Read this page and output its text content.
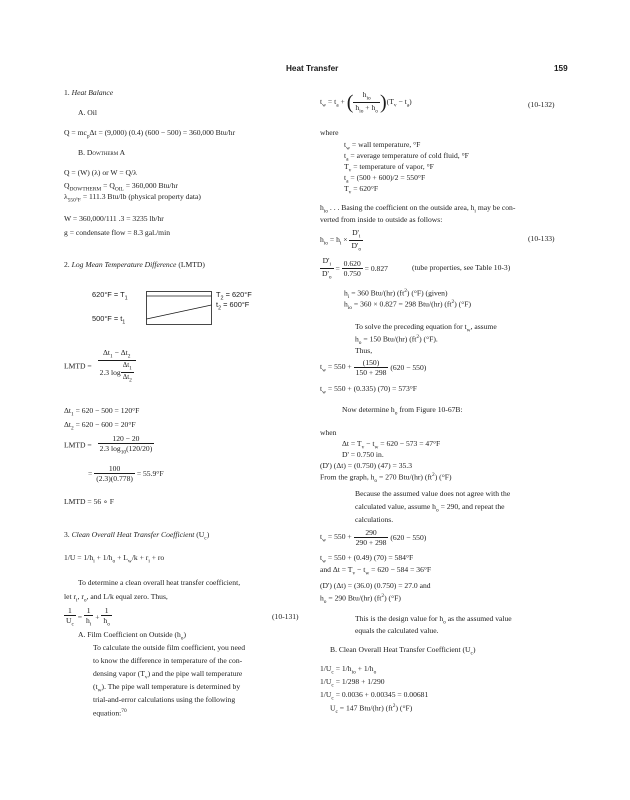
Heat Transfer	159
1. Heat Balance
A. Oil
$Q = mc_p\Delta t = (9,000)$ (0.4) (600 − 500) = 360,000 Btu/hr
B. Dowtherm A
Q = (W) (λ) or W = Q/λ
$Q_{DOWTHERM} = Q_{OIL} = 360,000$ Btu/hr
$\lambda_{550^\circ F} = 111.3$ Btu/lb (physical property data)
W = 360,000/111 .3 = 3235 lb/hr
g = condensate flow = 8.3 gal./min
2. Log Mean Temperature Difference (LMTD)
$620^\circ F = T_1$
$500^\circ F = t_1$
$T_2 = 620^\circ F$
$t_2 = 600^\circ F$
LMTD = $\frac{\Delta t_1 - \Delta t_2}{2.3 \log \frac{\Delta t_1}{\Delta t_2}}$
$\Delta t_1 = 620 - 500 = 120^\circ F$
$\Delta t_2 = 620 - 600 = 20^\circ F$
LMTD = $\frac{120 - 20}{2.3 \log_{10}(120/20)}$
= $\frac{100}{(2.3)(0.778)} = 55.9^\circ F$
LMTD = 56 ∘ F
3. Clean Overall Heat Transfer Coefficient $(U_c)$
$1/U = 1/h_i + 1/h_o + L_w/k + r_i$ + ro
To determine a clean overall heat transfer coefficient,
let $r_i$, $r_o$, and L/k equal zero. Thus,
$\frac{1}{U_c} = \frac{1}{h_i} + \frac{1}{h_o}$	(10-131)
A. Film Coefficient on Outside $(h_o)$
To calculate the outside film coefficient, you need
to know the difference in temperature of the con-
densing vapor $(T_v)$ and the pipe wall temperature
$(t_w)$. The pipe wall temperature is determined by
trial-and-error calculations using the following
equation:$^{70}$
$t_w = t_a$ + ( $\frac{h_{io}}{h_{io} + h_o} )(T_v - t_a)$	(10-132)
where
$t_w$ = wall temperature, °F
$t_a$ = average temperature of cold fluid, °F
$T_v$ = temperature of vapor, °F
$t_a = (500 + 600)/2 = 550^\circ F$
$T_v = 620^\circ F$
$h_{io}$ . . . Basing the coefficient on the outside area, $h_i$ may be con-
verted from inside to outside as follows:
$h_{io} = h_i \times \frac{D'_i}{D'_o}$	(10-133)
$\frac{D'_i}{D'_o} = \frac{0.620}{0.750} = 0.827$	(tube properties, see Table 10-3)
$h_i = 360$ Btu/(hr) $(ft^2)$ (°F) (given)
$h_{io} = 360 \times 0.827 = 298$ Btu/(hr) $(ft^2)$ (°F)
To solve the preceding equation for $t_w$, assume
$h_o = 150$ Btu/(hr) $(ft^2)$ (°F).
Thus,
$t_w = 550 + \frac{(150)}{150 + 298} (620 - 550)$
$t_w = 550 + (0.335) (70) = 573^\circ F$
Now determine $h_o$ from Figure 10-67B:
when
$\Delta t = T_v - t_w = 620 - 573 = 47^\circ F$
D' = 0.750 in.
(D') (Δt) = (0.750) (47) = 35.3
From the graph, $h_o = 270$ Btu/(hr) $(ft^2)$ (°F)
Because the assumed value does not agree with the
calculated value, assume $h_o = 290$, and repeat the
calculations.
$t_w = 550 + \frac{290}{290 + 298} (620 - 550)$
$t_w = 550 + (0.49) (70) = 584^\circ F$
and $\Delta t = T_v - t_w = 620 - 584 = 36^\circ F$
(D') (Δt) = (36.0) (0.750) = 27.0 and
$h_o = 290$ Btu/(hr) $(ft^2)$ (°F)
This is the design value for $h_o$ as the assumed value
equals the calculated value.
B. Clean Overall Heat Transfer Coefficient $(U_c)$
$1/U_c = 1/h_{io} + 1/h_o$
$1/U_c = 1/298 + 1/290$
$1/U_c = 0.0036 + 0.00345 = 0.00681$
$U_c = 147$ Btu/(hr) $(ft^2)$ (°F)
